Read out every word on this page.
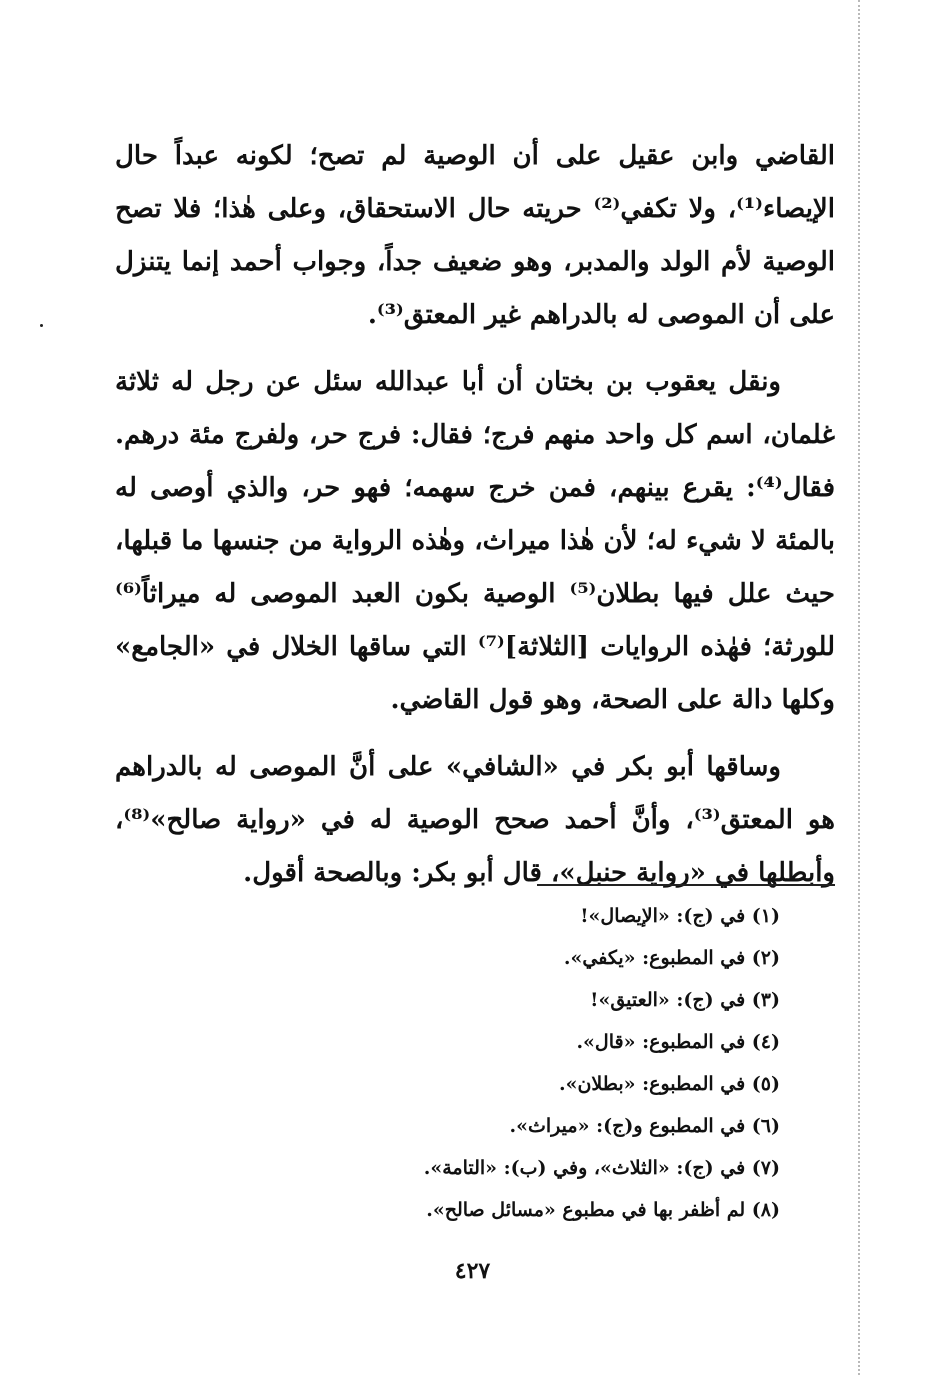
القاضي وابن عقيل على أن الوصية لم تصح؛ لكونه عبداً حال الإيصاء⁽¹⁾، ولا تكفي⁽²⁾ حريته حال الاستحقاق، وعلى هٰذا؛ فلا تصح الوصية لأم الولد والمدبر، وهو ضعيف جداً، وجواب أحمد إنما يتنزل على أن الموصى له بالدراهم غير المعتق⁽³⁾.

ونقل يعقوب بن بختان أن أبا عبدالله سئل عن رجل له ثلاثة غلمان، اسم كل واحد منهم فرج؛ فقال: فرج حر، ولفرج مئة درهم. فقال⁽⁴⁾: يقرع بينهم، فمن خرج سهمه؛ فهو حر، والذي أوصى له بالمئة لا شيء له؛ لأن هٰذا ميراث، وهٰذه الرواية من جنسها ما قبلها، حيث علل فيها بطلان⁽⁵⁾ الوصية بكون العبد الموصى له ميراثاً⁽⁶⁾ للورثة؛ فهٰذه الروايات [الثلاثة]⁽⁷⁾ التي ساقها الخلال في «الجامع» وكلها دالة على الصحة، وهو قول القاضي.

وساقها أبو بكر في «الشافي» على أنَّ الموصى له بالدراهم هو المعتق⁽³⁾، وأنَّ أحمد صحح الوصية له في «رواية صالح»⁽⁸⁾، وأبطلها في «رواية حنبل»، قال أبو بكر: وبالصحة أقول.

(١) في (ج): «الإيصال»!
(٢) في المطبوع: «يكفي».
(٣) في (ج): «العتيق»!
(٤) في المطبوع: «قال».
(٥) في المطبوع: «بطلان».
(٦) في المطبوع و(ج): «ميراث».
(٧) في (ج): «الثلاث»، وفي (ب): «التامة».
(٨) لم أظفر بها في مطبوع «مسائل صالح».
٤٢٧
